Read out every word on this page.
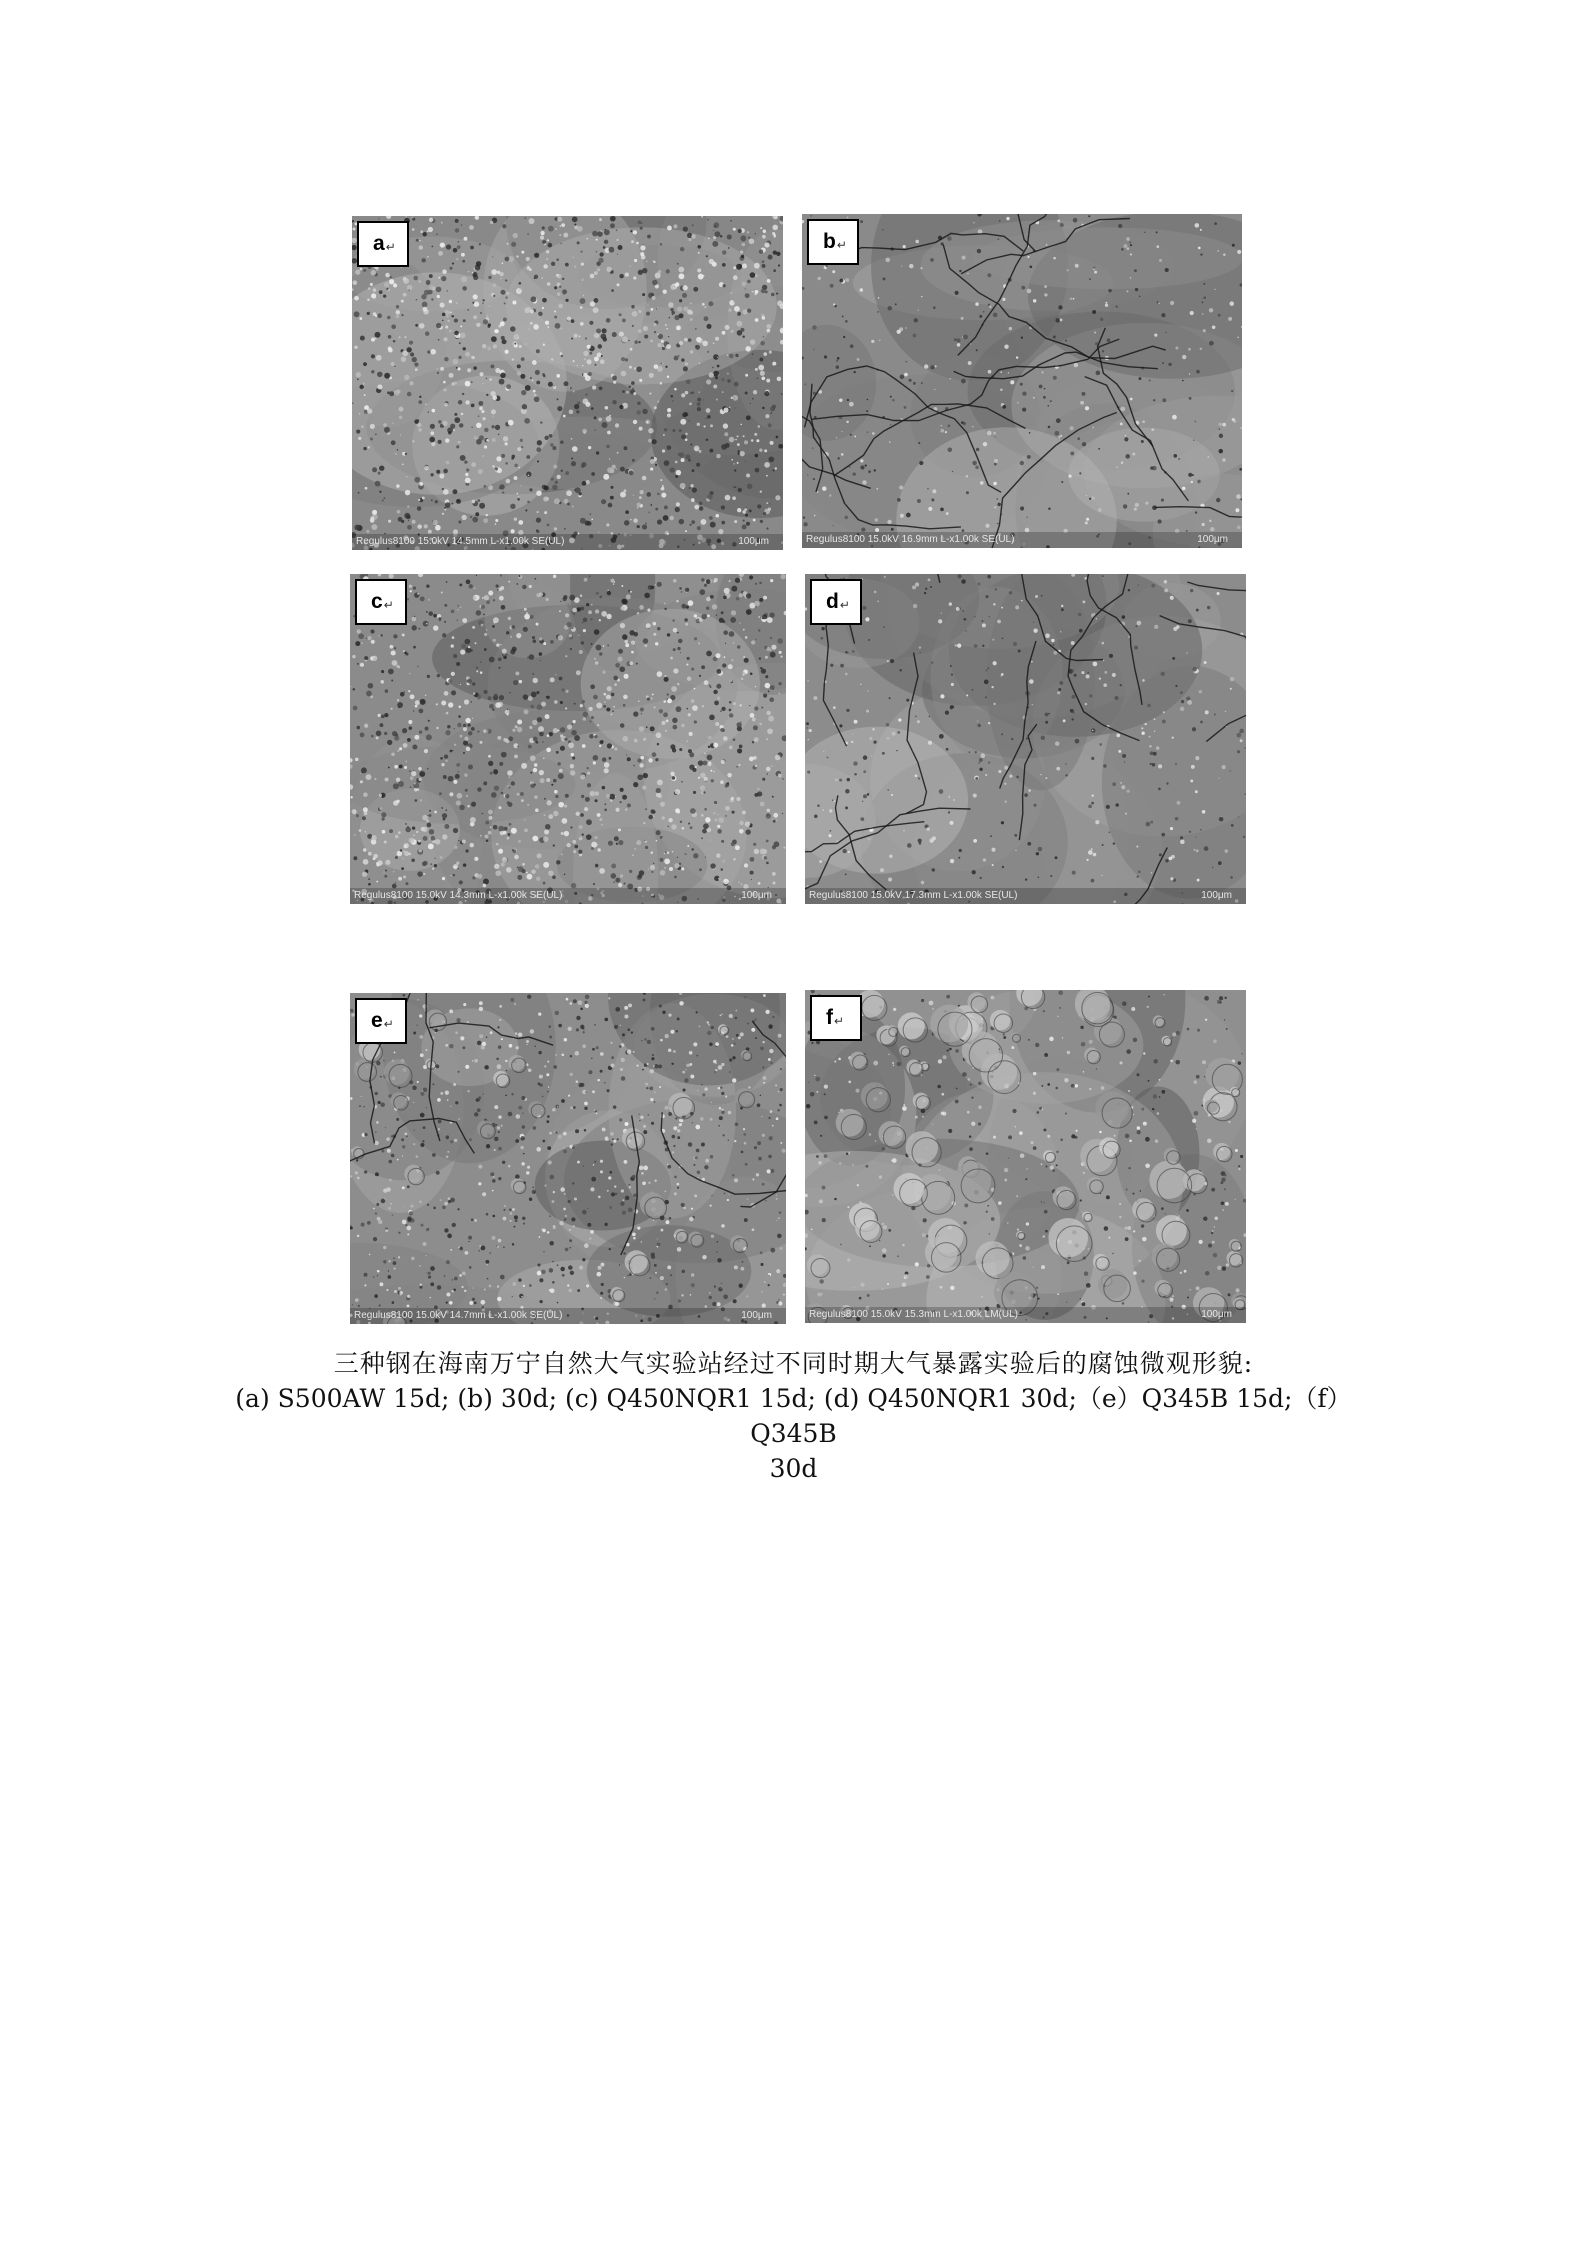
a ↵
Regulus8100 15.0kV 14.5mm L-x1.00k SE(UL)	100μm
b ↵
Regulus8100 15.0kV 16.9mm L-x1.00k SE(UL)	100μm
c ↵
Regulus8100 15.0kV 14.3mm L-x1.00k SE(UL)	100μm
d ↵
Regulus8100 15.0kV 17.3mm L-x1.00k SE(UL)	100μm
e ↵
Regulus8100 15.0kV 14.7mm L-x1.00k SE(UL)	100μm
f ↵
Regulus8100 15.0kV 15.3mm L-x1.00k LM(UL)	100μm

三种钢在海南万宁自然大气实验站经过不同时期大气暴露实验后的腐蚀微观形貌:

(a) S500AW 15d; (b) 30d; (c) Q450NQR1 15d; (d) Q450NQR1 30d;（e）Q345B 15d;（f）Q345B

30d
